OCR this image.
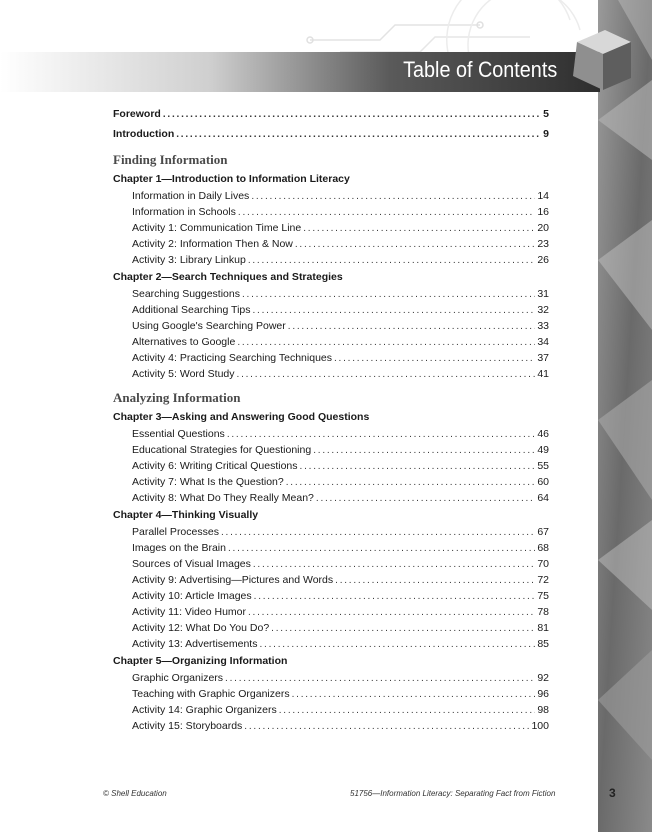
Table of Contents
Foreword . . .	5
Introduction . . .	9
Finding Information
Chapter 1—Introduction to Information Literacy
Information in Daily Lives . . .	14
Information in Schools . . .	16
Activity 1: Communication Time Line . . .	20
Activity 2: Information Then & Now . . .	23
Activity 3: Library Linkup . . .	26
Chapter 2—Search Techniques and Strategies
Searching Suggestions . . .	31
Additional Searching Tips . . .	32
Using Google's Searching Power . . .	33
Alternatives to Google . . .	34
Activity 4: Practicing Searching Techniques . . .	37
Activity 5: Word Study . . .	41
Analyzing Information
Chapter 3—Asking and Answering Good Questions
Essential Questions . . .	46
Educational Strategies for Questioning . . .	49
Activity 6: Writing Critical Questions . . .	55
Activity 7: What Is the Question? . . .	60
Activity 8: What Do They Really Mean? . . .	64
Chapter 4—Thinking Visually
Parallel Processes . . .	67
Images on the Brain . . .	68
Sources of Visual Images . . .	70
Activity 9: Advertising—Pictures and Words . . .	72
Activity 10: Article Images . . .	75
Activity 11: Video Humor . . .	78
Activity 12: What Do You Do? . . .	81
Activity 13: Advertisements . . .	85
Chapter 5—Organizing Information
Graphic Organizers . . .	92
Teaching with Graphic Organizers . . .	96
Activity 14: Graphic Organizers . . .	98
Activity 15: Storyboards . . .	100
© Shell Education	51756—Information Literacy: Separating Fact from Fiction	3
